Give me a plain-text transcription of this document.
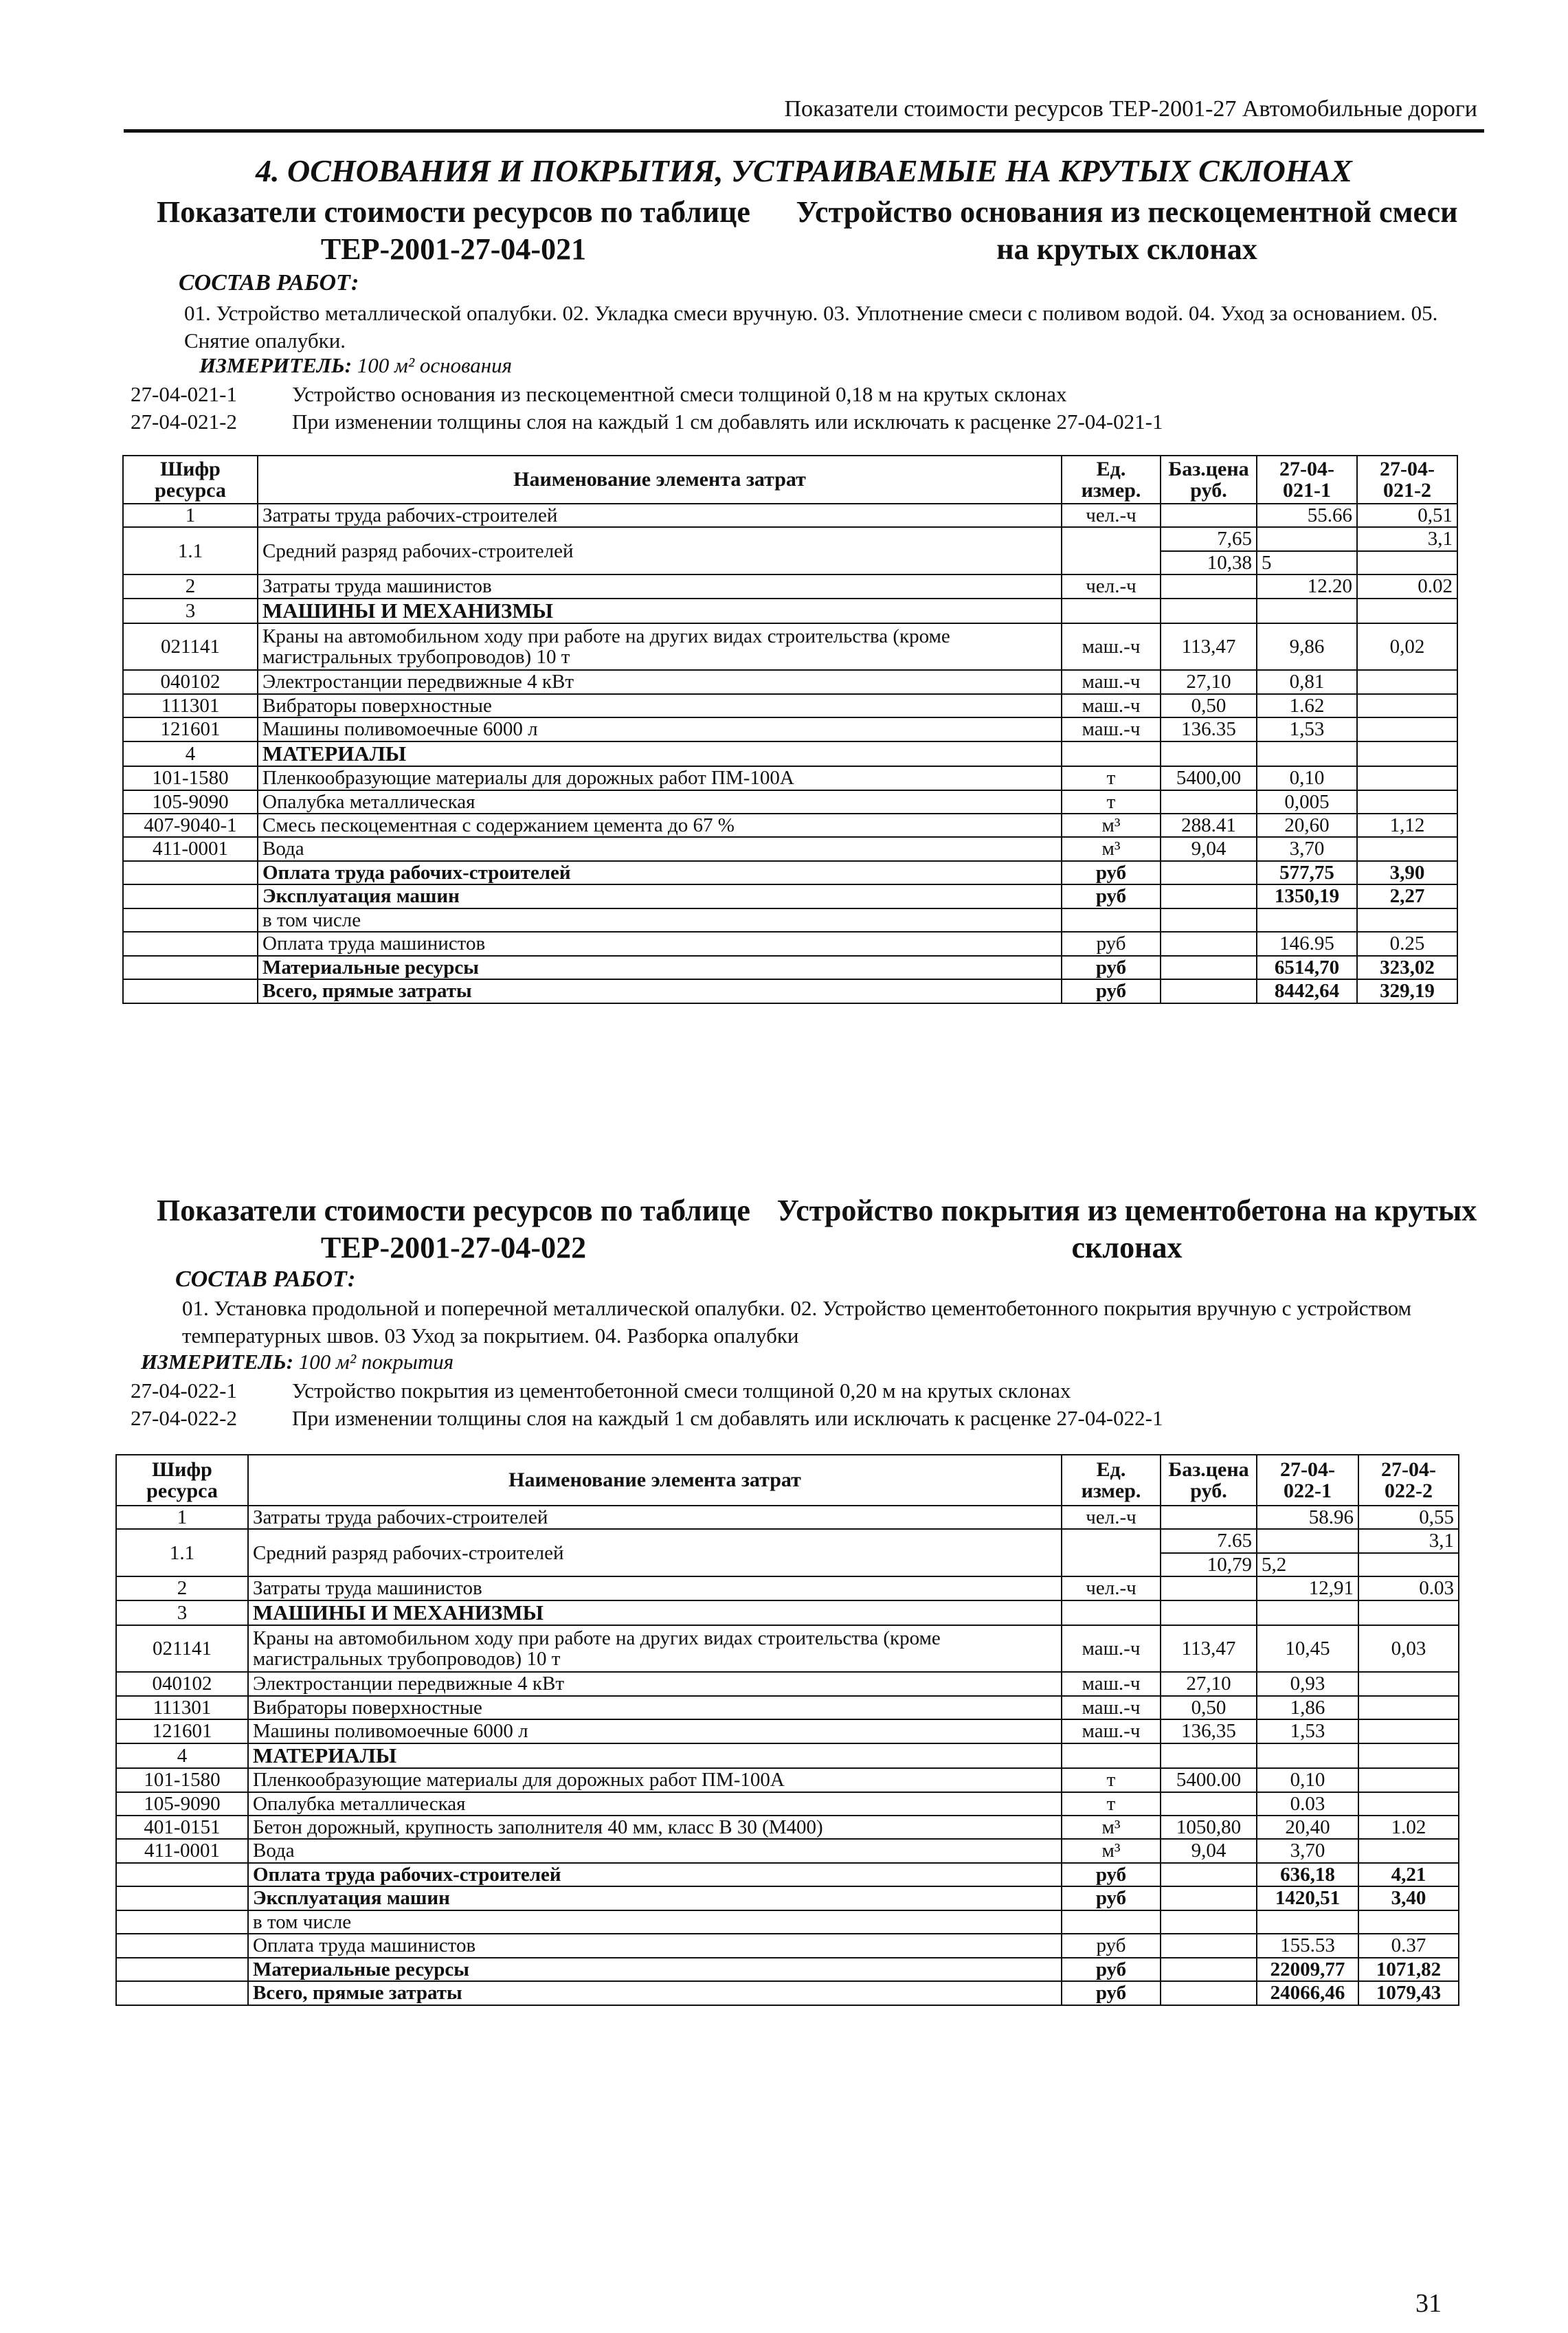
Показатели стоимости ресурсов ТЕР-2001-27 Автомобильные дороги
4. ОСНОВАНИЯ И ПОКРЫТИЯ, УСТРАИВАЕМЫЕ НА КРУТЫХ СКЛОНАХ
Показатели стоимости ресурсов по таблице ТЕР-2001-27-04-021
Устройство основания из пескоцементной смеси на крутых склонах
СОСТАВ РАБОТ:
01. Устройство металлической опалубки. 02. Укладка смеси вручную. 03. Уплотнение смеси с поливом водой. 04. Уход за основанием. 05. Снятие опалубки.
ИЗМЕРИТЕЛЬ: 100 м² основания
27-04-021-1	Устройство основания из пескоцементной смеси толщиной 0,18 м на крутых склонах
27-04-021-2	При изменении толщины слоя на каждый 1 см добавлять или исключать к расценке 27-04-021-1
Шифр ресурса	Наименование элемента затрат	Ед. измер.	Баз.цена руб.	27-04-021-1	27-04-021-2
1	Затраты труда рабочих-строителей	чел.-ч		55.66	0,51
1.1	Средний разряд рабочих-строителей		7,65		3,1
			10,38	5	
2	Затраты труда машинистов	чел.-ч		12.20	0.02
3	МАШИНЫ И МЕХАНИЗМЫ				
021141	Краны на автомобильном ходу при работе на других видах строительства (кроме магистральных трубопроводов) 10 т	маш.-ч	113,47	9,86	0,02
040102	Электростанции передвижные 4 кВт	маш.-ч	27,10	0,81	
111301	Вибраторы поверхностные	маш.-ч	0,50	1.62	
121601	Машины поливомоечные 6000 л	маш.-ч	136.35	1,53	
4	МАТЕРИАЛЫ				
101-1580	Пленкообразующие материалы для дорожных работ ПМ-100А	т	5400,00	0,10	
105-9090	Опалубка металлическая	т		0,005	
407-9040-1	Смесь пескоцементная с содержанием цемента до 67 %	м³	288.41	20,60	1,12
411-0001	Вода	м³	9,04	3,70	
	Оплата труда рабочих-строителей	руб		577,75	3,90
	Эксплуатация машин	руб		1350,19	2,27
	в том числе				
	Оплата труда машинистов	руб		146.95	0.25
	Материальные ресурсы	руб		6514,70	323,02
	Всего, прямые затраты	руб		8442,64	329,19
Показатели стоимости ресурсов по таблице ТЕР-2001-27-04-022
Устройство покрытия из цементобетона на крутых склонах
СОСТАВ РАБОТ:
01. Установка продольной и поперечной металлической опалубки. 02. Устройство цементобетонного покрытия вручную с устройством температурных швов. 03 Уход за покрытием. 04. Разборка опалубки
ИЗМЕРИТЕЛЬ: 100 м² покрытия
27-04-022-1	Устройство покрытия из цементобетонной смеси толщиной 0,20 м на крутых склонах
27-04-022-2	При изменении толщины слоя на каждый 1 см добавлять или исключать к расценке 27-04-022-1
Шифр ресурса	Наименование элемента затрат	Ед. измер.	Баз.цена руб.	27-04-022-1	27-04-022-2
1	Затраты труда рабочих-строителей	чел.-ч		58.96	0,55
1.1	Средний разряд рабочих-строителей		7.65		3,1
			10,79	5,2	
2	Затраты труда машинистов	чел.-ч		12,91	0.03
3	МАШИНЫ И МЕХАНИЗМЫ				
021141	Краны на автомобильном ходу при работе на других видах строительства (кроме магистральных трубопроводов) 10 т	маш.-ч	113,47	10,45	0,03
040102	Электростанции передвижные 4 кВт	маш.-ч	27,10	0,93	
111301	Вибраторы поверхностные	маш.-ч	0,50	1,86	
121601	Машины поливомоечные 6000 л	маш.-ч	136,35	1,53	
4	МАТЕРИАЛЫ				
101-1580	Пленкообразующие материалы для дорожных работ ПМ-100А	т	5400.00	0,10	
105-9090	Опалубка металлическая	т		0.03	
401-0151	Бетон дорожный, крупность заполнителя 40 мм, класс В 30 (М400)	м³	1050,80	20,40	1.02
411-0001	Вода	м³	9,04	3,70	
	Оплата труда рабочих-строителей	руб		636,18	4,21
	Эксплуатация машин	руб		1420,51	3,40
	в том числе				
	Оплата труда машинистов	руб		155.53	0.37
	Материальные ресурсы	руб		22009,77	1071,82
	Всего, прямые затраты	руб		24066,46	1079,43
31
